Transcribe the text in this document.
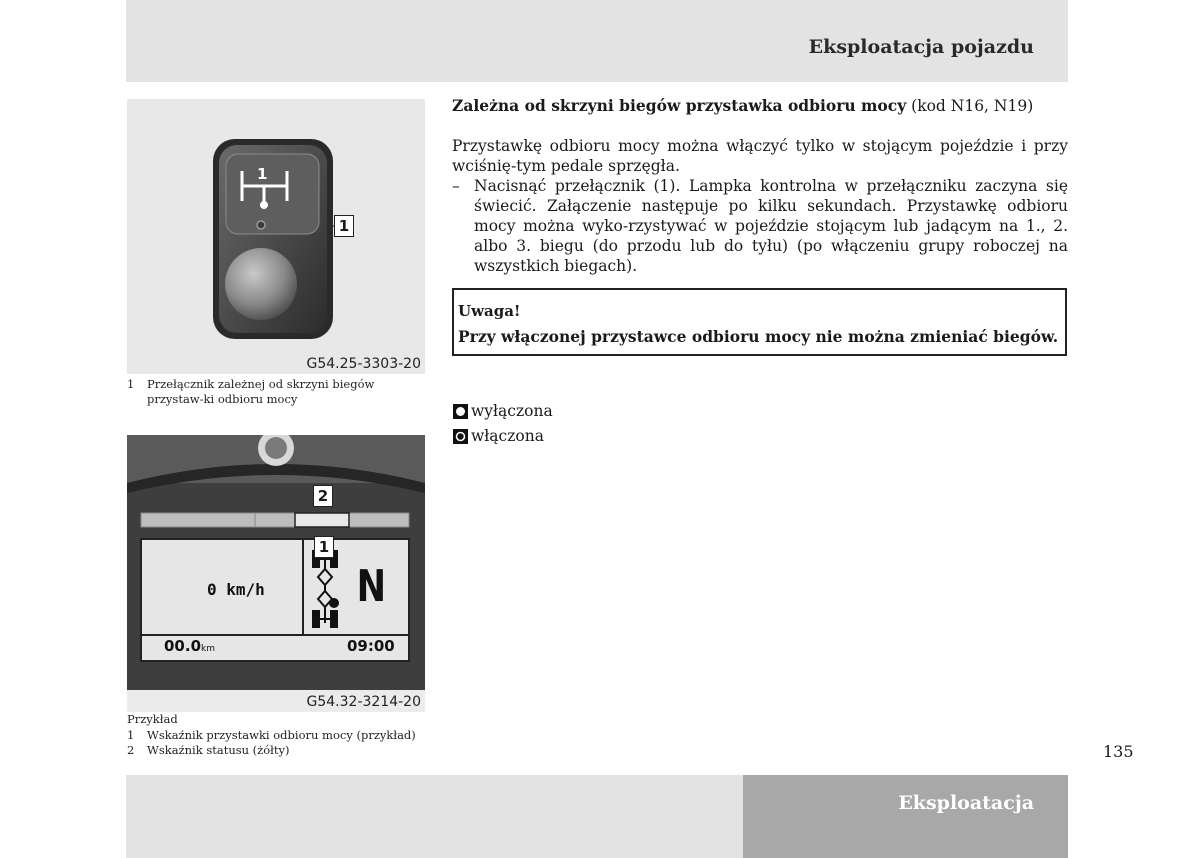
Eksploatacja pojazdu
1
1
G54.25-3303-20
1 Przełącznik zależnej od skrzyni biegów przystaw-ki odbioru mocy
2
1
0 km/h N
00.0km	09:00
G54.32-3214-20
Przykład
1 Wskaźnik przystawki odbioru mocy (przykład)
2 Wskaźnik statusu (żółty)
Zależna od skrzyni biegów przystawka odbioru mocy (kod N16, N19)
Przystawkę odbioru mocy można włączyć tylko w stojącym pojeździe i przy wciśnię-tym pedale sprzęgła.
– Nacisnąć przełącznik (1). Lampka kontrolna w przełączniku zaczyna się świecić. Załączenie następuje po kilku sekundach. Przystawkę odbioru mocy można wyko-rzystywać w pojeździe stojącym lub jadącym na 1., 2. albo 3. biegu (do przodu lub do tyłu) (po włączeniu grupy roboczej na wszystkich biegach).
Uwaga!
Przy włączonej przystawce odbioru mocy nie można zmieniać biegów.
wyłączona
włączona
135
Eksploatacja
